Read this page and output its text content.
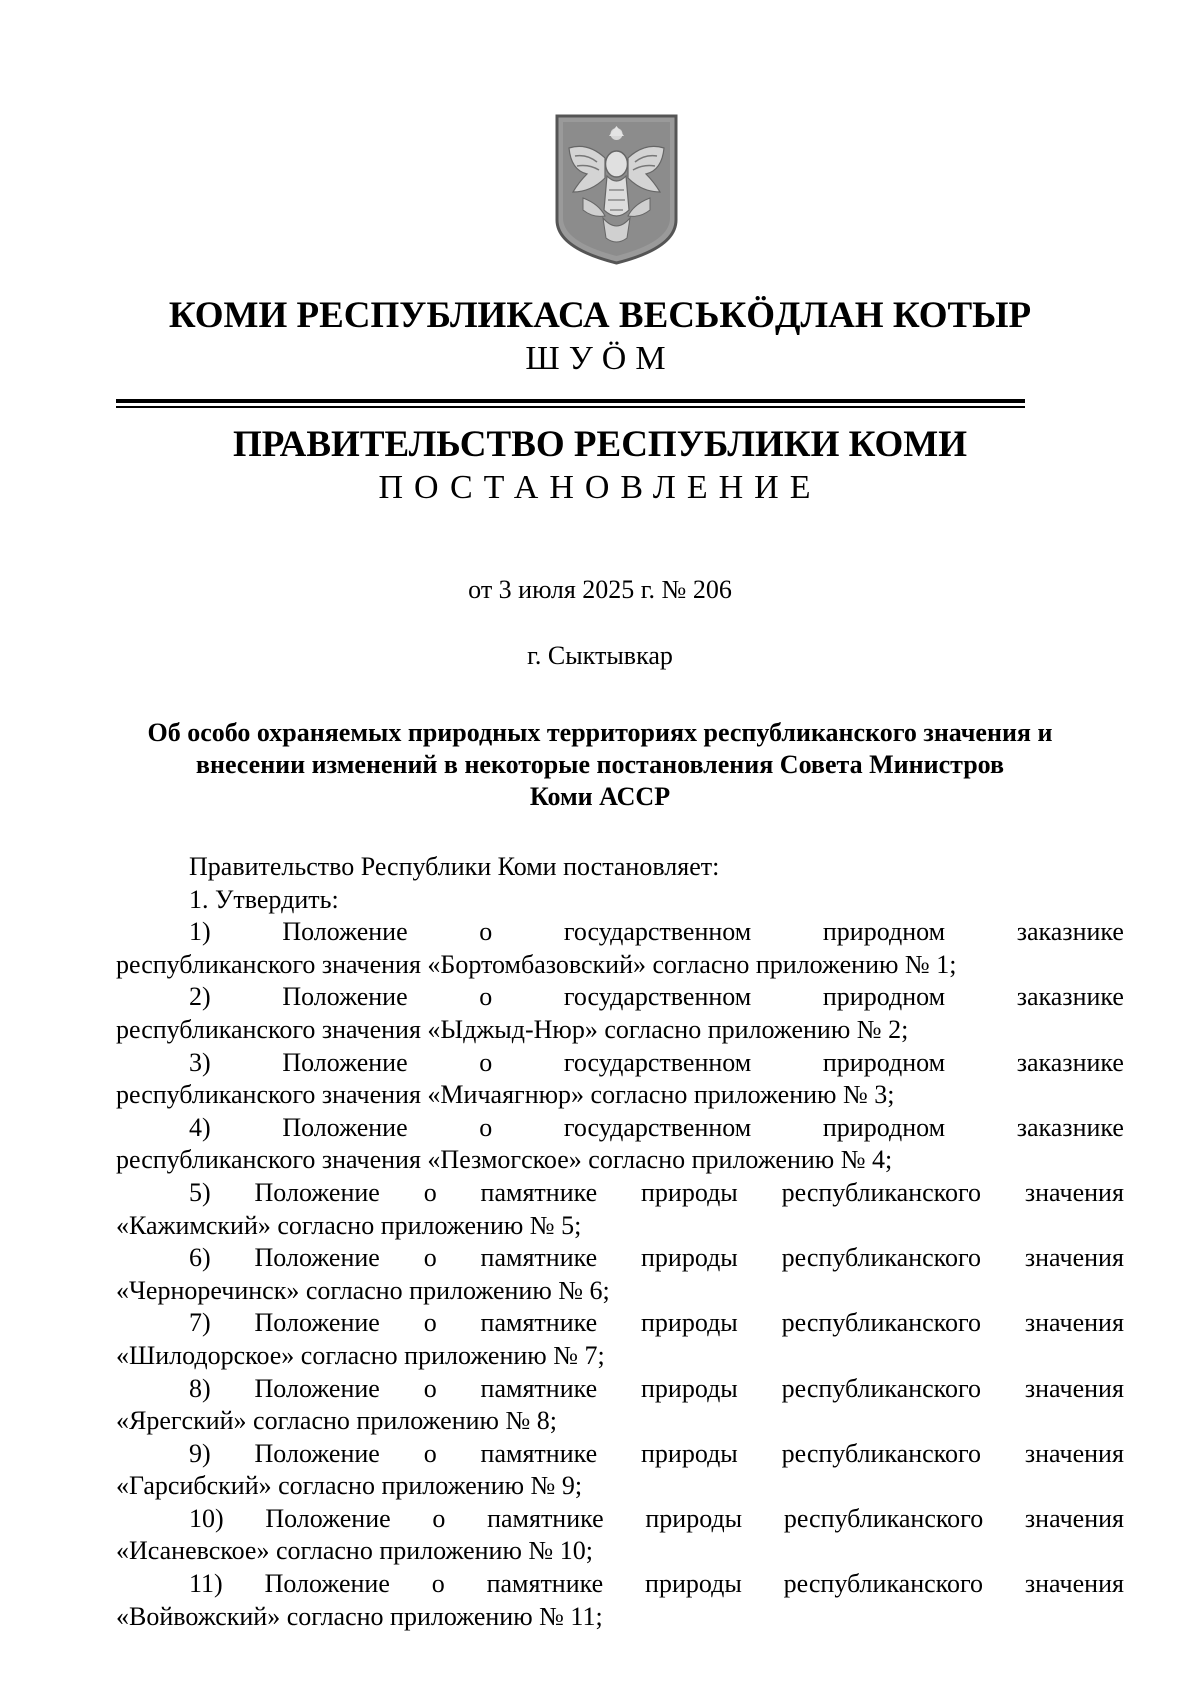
КОМИ РЕСПУБЛИКАСА ВЕСЬКӦДЛАН КОТЫР
ШУӦМ
ПРАВИТЕЛЬСТВО РЕСПУБЛИКИ КОМИ
ПОСТАНОВЛЕНИЕ
от 3 июля 2025 г. № 206
г. Сыктывкар
Об особо охраняемых природных территориях республиканского значения и
внесении изменений в некоторые постановления Совета Министров
Коми АССР
Правительство Республики Коми постановляет:
1. Утвердить:
1)	Положение	о	государственном	природном	заказнике
республиканского значения «Бортомбазовский» согласно приложению № 1;
2)	Положение	о	государственном	природном	заказнике
республиканского значения «Ыджыд-Нюр» согласно приложению № 2;
3)	Положение	о	государственном	природном	заказнике
республиканского значения «Мичаягнюр» согласно приложению № 3;
4)	Положение	о	государственном	природном	заказнике
республиканского значения «Пезмогское» согласно приложению № 4;
5) Положение о памятнике природы республиканского значения
«Кажимский» согласно приложению № 5;
6) Положение о памятнике природы республиканского значения
«Черноречинск» согласно приложению № 6;
7) Положение о памятнике природы республиканского значения
«Шилодорское» согласно приложению № 7;
8) Положение о памятнике природы республиканского значения
«Ярегский» согласно приложению № 8;
9) Положение о памятнике природы республиканского значения
«Гарсибский» согласно приложению № 9;
10) Положение о памятнике природы республиканского значения
«Исаневское» согласно приложению № 10;
11) Положение о памятнике природы республиканского значения
«Войвожский» согласно приложению № 11;
